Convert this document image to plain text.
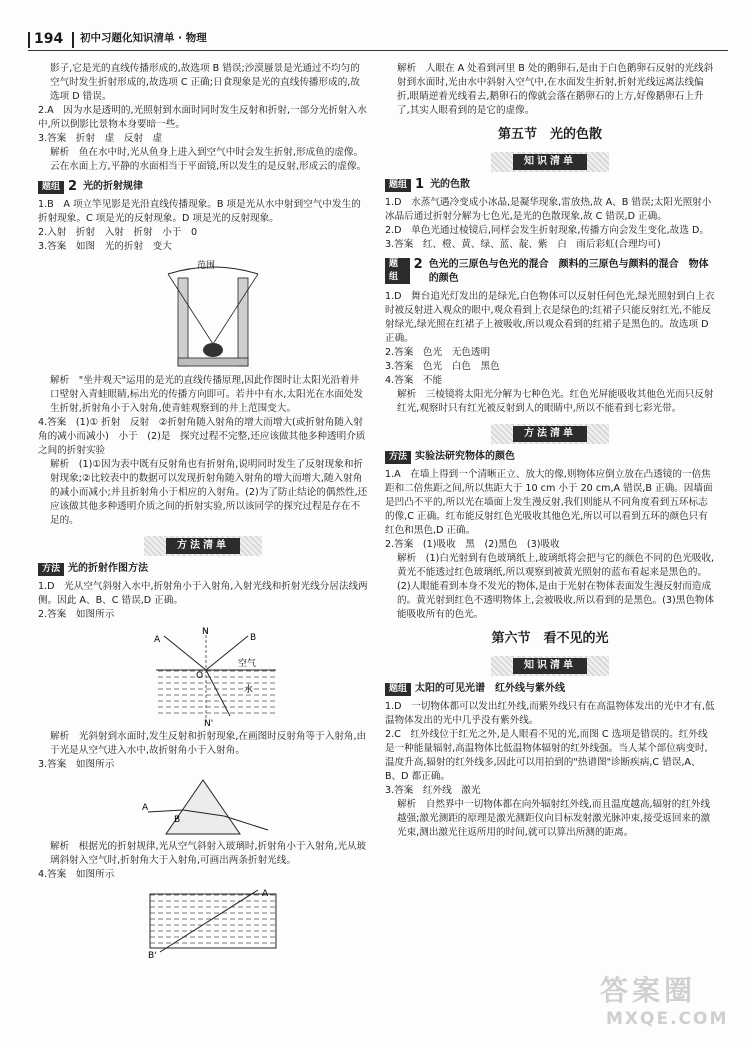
194 初中习题化知识清单 · 物理

影子,它是光的直线传播形成的,故选项 B 错误;沙漠蜃景是光通过不均匀的空气时发生折射形成的,故选项 C 正确;日食现象是光的直线传播形成的,故选项 D 错误。

2.A　因为水是透明的,光照射到水面时同时发生反射和折射,一部分光折射入水中,所以倒影比景物本身要暗一些。

3.答案　折射　虚　反射　虚

解析　鱼在水中时,光从鱼身上进入到空气中时会发生折射,形成鱼的虚像。云在水面上方,平静的水面相当于平面镜,所以发生的是反射,形成云的虚像。

题组 2 光的折射规律

1.B　A 项立竿见影是光沿直线传播现象。B 项是光从水中射到空气中发生的折射现象。C 项是光的反射现象。D 项是光的反射现象。

2.入射　折射　入射　折射　小于　0

3.答案　如图　光的折射　变大

范围

解析　"坐井观天"运用的是光的直线传播原理,因此作图时让太阳光沿着井口壁射入青蛙眼睛,标出光的传播方向即可。若井中有水,太阳光在水面处发生折射,折射角小于入射角,使青蛙观察到的井上范围变大。

4.答案　(1)① 折射　反射　②折射角随入射角的增大而增大(或折射角随入射角的减小而减小)　小于　(2)是　探究过程不完整,还应该做其他多种透明介质之间的折射实验

解析　(1)①因为表中既有反射角也有折射角,说明同时发生了反射现象和折射现象;②比较表中的数据可以发现折射角随入射角的增大而增大,随入射角的减小而减小;并且折射角小于相应的入射角。(2)为了防止结论的偶然性,还应该做其他多种透明介质之间的折射实验,所以该同学的探究过程是存在不足的。

方法清单
方法 光的折射作图方法

1.D　光从空气斜射入水中,折射角小于入射角,入射光线和折射光线分居法线两侧。因此 A、B、C 错误,D 正确。

2.答案　如图所示

N
A	B
O
空气
水
N'

解析　光斜射到水面时,发生反射和折射现象,在画图时反射角等于入射角,由于光是从空气进入水中,故折射角小于入射角。

3.答案　如图所示

A
B

解析　根据光的折射规律,光从空气斜射入玻璃时,折射角小于入射角,光从玻璃斜射入空气时,折射角大于入射角,可画出两条折射光线。

4.答案　如图所示

A
B'

解析　人眼在 A 处看到河里 B 处的鹅卵石,是由于白色鹅卵石反射的光线斜射到水面时,光由水中斜射入空气中,在水面发生折射,折射光线远离法线偏折,眼睛逆着光线看去,鹅卵石的像就会落在鹅卵石的上方,好像鹅卵石上升了,其实人眼看到的是它的虚像。

第五节　光的色散
知识清单
题组 1 光的色散

1.D　水蒸气遇冷变成小冰晶,是凝华现象,雷放热,故 A、B 错误;太阳光照射小冰晶后通过折射分解为七色光,是光的色散现象,故 C 错误,D 正确。

2.D　单色光通过棱镜后,同样会发生折射现象,传播方向会发生变化,故选 D。

3.答案　红、橙、黄、绿、蓝、靛、紫　白　雨后彩虹(合理均可)

题组
2 色光的三原色与色光的混合　颜料的三原色与颜料的混合　物体的颜色

1.D　舞台追光灯发出的是绿光,白色物体可以反射任何色光,绿光照射到白上衣时被反射进入观众的眼中,观众看到上衣是绿色的;红裙子只能反射红光,不能反射绿光,绿光照在红裙子上被吸收,所以观众看到的红裙子是黑色的。故选项 D 正确。

2.答案　色光　无色透明

3.答案　色光　白色　黑色

4.答案　不能

解析　三棱镜将太阳光分解为七种色光。红色光屏能吸收其他色光而只反射红光,观察时只有红光被反射到人的眼睛中,所以不能看到七彩光带。

方法清单
方法 实验法研究物体的颜色

1.A　在墙上得到一个清晰正立、放大的像,则物体应倒立放在凸透镜的一倍焦距和二倍焦距之间,所以焦距大于 10 cm 小于 20 cm,A 错误,B 正确。因墙面是凹凸不平的,所以光在墙面上发生漫反射,我们则能从不同角度看到五环标志的像,C 正确。红布能反射红色光吸收其他色光,所以可以看到五环的颜色只有红色和黑色,D 正确。

2.答案　(1)吸收　黑　(2)黑色　(3)吸收

解析　(1)白光射到有色玻璃纸上,玻璃纸将会把与它的颜色不同的色光吸收,黄光不能透过红色玻璃纸,所以观察到被黄光照射的蓝布看起来是黑色的。(2)人眼能看到本身不发光的物体,是由于光射在物体表面发生漫反射而造成的。黄光射到红色不透明物体上,会被吸收,所以看到的是黑色。(3)黑色物体能吸收所有的色光。

第六节　看不见的光
知识清单
题组 太阳的可见光谱　红外线与紫外线

1.D　一切物体都可以发出红外线,而紫外线只有在高温物体发出的光中才有,低温物体发出的光中几乎没有紫外线。

2.C　红外线位于红光之外,是人眼看不见的光,而图 C 选项是错误的。红外线是一种能量辐射,高温物体比低温物体辐射的红外线强。当人某个部位病变时,温度升高,辐射的红外线多,因此可以用拍到的"热谱图"诊断疾病,C 错误,A、B、D 都正确。

3.答案　红外线　激光

解析　自然界中一切物体都在向外辐射红外线,而且温度越高,辐射的红外线越强;激光测距的原理是激光测距仪向目标发射激光脉冲束,接受返回来的激光束,测出激光往返所用的时间,就可以算出所测的距离。

答案圈
MXQE.COM
